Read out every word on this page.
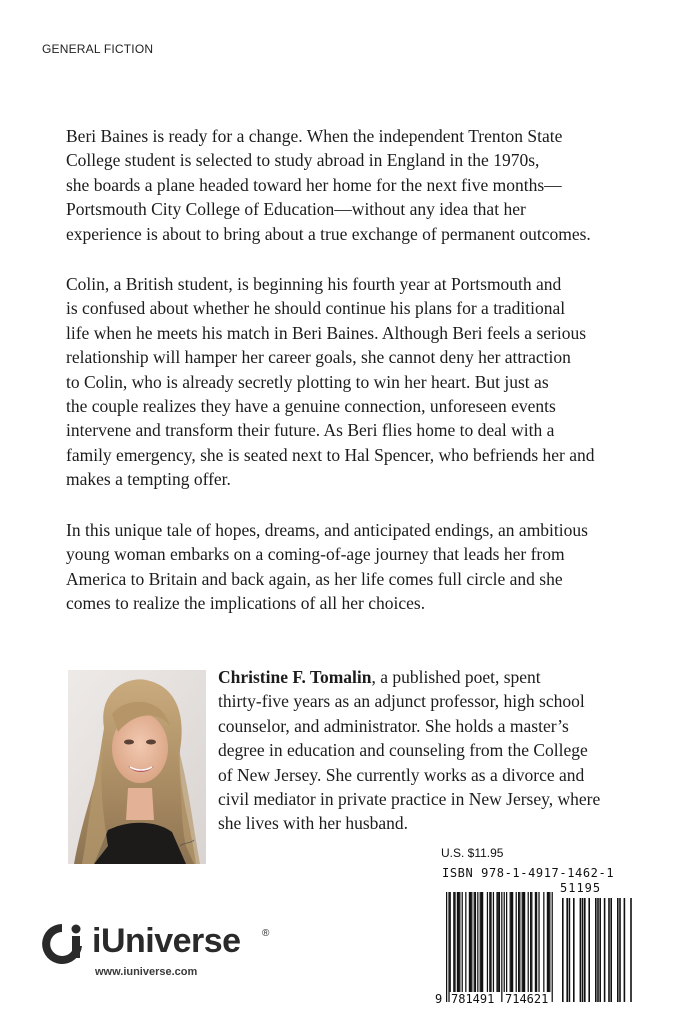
GENERAL FICTION

Beri Baines is ready for a change. When the independent Trenton State
College student is selected to study abroad in England in the 1970s,
she boards a plane headed toward her home for the next five months—
Portsmouth City College of Education—without any idea that her
experience is about to bring about a true exchange of permanent outcomes.

Colin, a British student, is beginning his fourth year at Portsmouth and
is confused about whether he should continue his plans for a traditional
life when he meets his match in Beri Baines. Although Beri feels a serious
relationship will hamper her career goals, she cannot deny her attraction
to Colin, who is already secretly plotting to win her heart. But just as
the couple realizes they have a genuine connection, unforeseen events
intervene and transform their future. As Beri flies home to deal with a
family emergency, she is seated next to Hal Spencer, who befriends her and
makes a tempting offer.

In this unique tale of hopes, dreams, and anticipated endings, an ambitious
young woman embarks on a coming-of-age journey that leads her from
America to Britain and back again, as her life comes full circle and she
comes to realize the implications of all her choices.

Christine F. Tomalin, a published poet, spent
thirty-five years as an adjunct professor, high school
counselor, and administrator. She holds a master’s
degree in education and counseling from the College
of New Jersey. She currently works as a divorce and
civil mediator in private practice in New Jersey, where
she lives with her husband.
U.S. $11.95
ISBN 978-1-4917-1462-1
9 781491 714621
51195
iUniverse ®
www.iuniverse.com
